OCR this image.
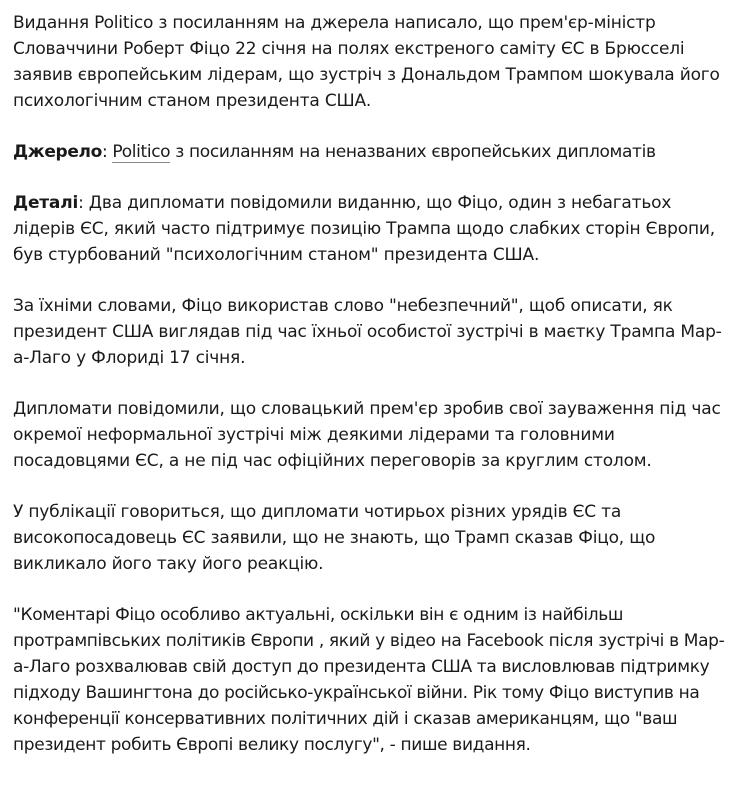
Видання Politico з посиланням на джерела написало, що прем'єр-міністр Словаччини Роберт Фіцо 22 січня на полях екстреного саміту ЄС в Брюсселі заявив європейським лідерам, що зустріч з Дональдом Трампом шокувала його психологічним станом президента США.

Джерело: Politico з посиланням на неназваних європейських дипломатів

Деталі: Два дипломати повідомили виданню, що Фіцо, один з небагатьох лідерів ЄС, який часто підтримує позицію Трампа щодо слабких сторін Європи, був стурбований "психологічним станом" президента США.

За їхніми словами, Фіцо використав слово "небезпечний", щоб описати, як президент США виглядав під час їхньої особистої зустрічі в маєтку Трампа Мар-а-Лаго у Флориді 17 січня.

Дипломати повідомили, що словацький прем'єр зробив свої зауваження під час окремої неформальної зустрічі між деякими лідерами та головними посадовцями ЄС, а не під час офіційних переговорів за круглим столом.

У публікації говориться, що дипломати чотирьох різних урядів ЄС та високопосадовець ЄС заявили, що не знають, що Трамп сказав Фіцо, що викликало його таку його реакцію.

"Коментарі Фіцо особливо актуальні, оскільки він є одним із найбільш протрампівських політиків Європи , який у відео на Facebook після зустрічі в Мар-а-Лаго розхвалював свій доступ до президента США та висловлював підтримку підходу Вашингтона до російсько-української війни. Рік тому Фіцо виступив на конференції консервативних політичних дій і сказав американцям, що "ваш президент робить Європі велику послугу", - пише видання.
